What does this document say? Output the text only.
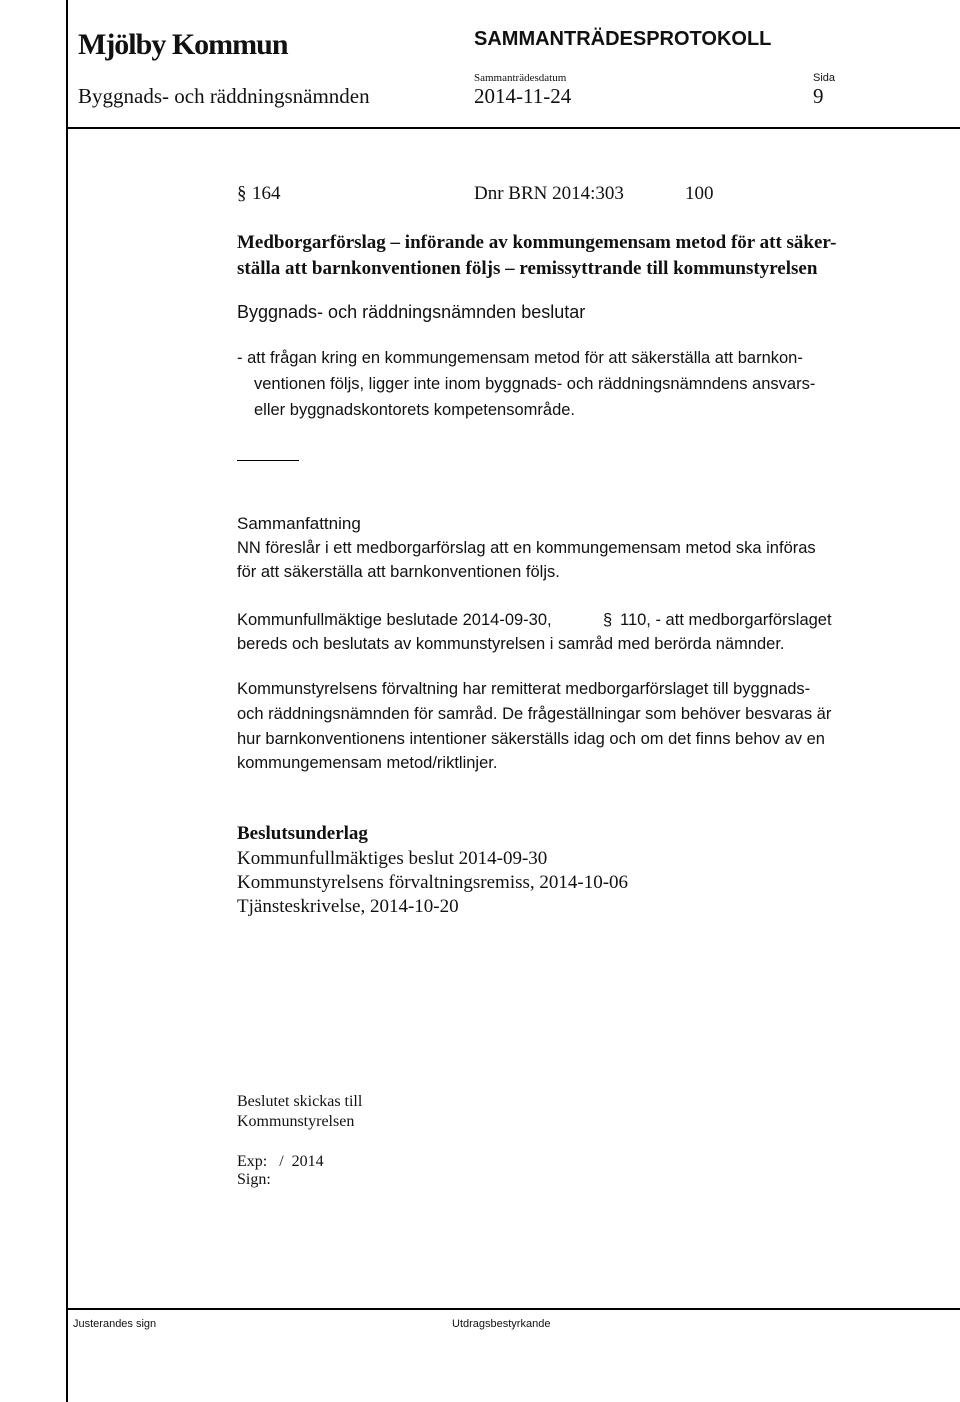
Mjölby Kommun	SAMMANTRÄDESPROTOKOLL
Sammanträdesdatum	Sida
Byggnads- och räddningsnämnden	2014-11-24	9
§ 164	Dnr BRN 2014:303	100
Medborgarförslag – införande av kommungemensam metod för att säker-
ställa att barnkonventionen följs – remissyttrande till kommunstyrelsen
Byggnads- och räddningsnämnden beslutar
- att frågan kring en kommungemensam metod för att säkerställa att barnkon-
ventionen följs, ligger inte inom byggnads- och räddningsnämndens ansvars-
eller byggnadskontorets kompetensområde.
Sammanfattning
NN föreslår i ett medborgarförslag att en kommungemensam metod ska införas
för att säkerställa att barnkonventionen följs.
Kommunfullmäktige beslutade 2014-09-30,	§ 110, - att medborgarförslaget
bereds och beslutats av kommunstyrelsen i samråd med berörda nämnder.
Kommunstyrelsens förvaltning har remitterat medborgarförslaget till byggnads-
och räddningsnämnden för samråd. De frågeställningar som behöver besvaras är
hur barnkonventionens intentioner säkerställs idag och om det finns behov av en
kommungemensam metod/riktlinjer.
Beslutsunderlag
Kommunfullmäktiges beslut 2014-09-30
Kommunstyrelsens förvaltningsremiss, 2014-10-06
Tjänsteskrivelse, 2014-10-20
Beslutet skickas till
Kommunstyrelsen
Exp:   /  2014
Sign:
Justerandes sign	Utdragsbestyrkande
